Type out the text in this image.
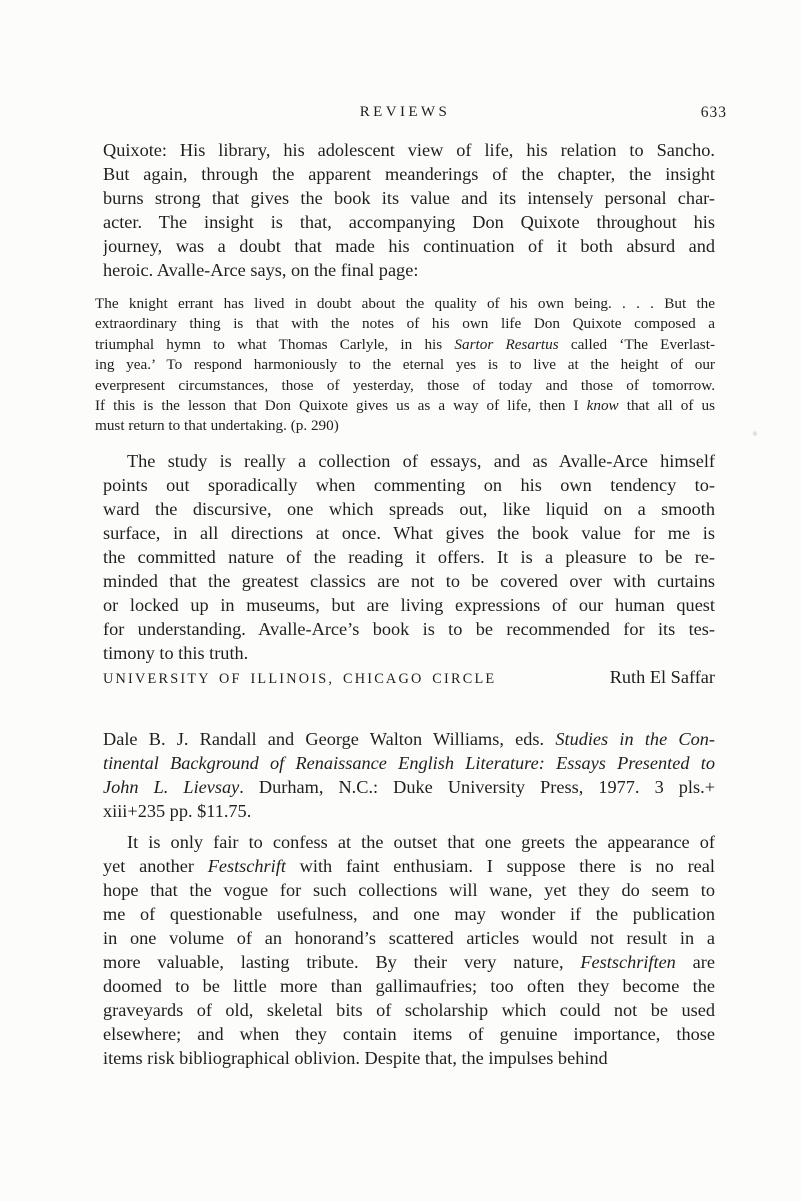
REVIEWS	633
Quixote: His library, his adolescent view of life, his relation to Sancho.
But again, through the apparent meanderings of the chapter, the insight
burns strong that gives the book its value and its intensely personal char-
acter. The insight is that, accompanying Don Quixote throughout his
journey, was a doubt that made his continuation of it both absurd and
heroic. Avalle-Arce says, on the final page:
The knight errant has lived in doubt about the quality of his own being. . . . But the
extraordinary thing is that with the notes of his own life Don Quixote composed a
triumphal hymn to what Thomas Carlyle, in his Sartor Resartus called ‘The Everlast-
ing yea.’ To respond harmoniously to the eternal yes is to live at the height of our
everpresent circumstances, those of yesterday, those of today and those of tomorrow.
If this is the lesson that Don Quixote gives us as a way of life, then I know that all of us
must return to that undertaking. (p. 290)
The study is really a collection of essays, and as Avalle-Arce himself
points out sporadically when commenting on his own tendency to-
ward the discursive, one which spreads out, like liquid on a smooth
surface, in all directions at once. What gives the book value for me is
the committed nature of the reading it offers. It is a pleasure to be re-
minded that the greatest classics are not to be covered over with curtains
or locked up in museums, but are living expressions of our human quest
for understanding. Avalle-Arce’s book is to be recommended for its tes-
timony to this truth.
UNIVERSITY OF ILLINOIS, CHICAGO CIRCLE	Ruth El Saffar
Dale B. J. Randall and George Walton Williams, eds. Studies in the Con-
tinental Background of Renaissance English Literature: Essays Presented to
John L. Lievsay. Durham, N.C.: Duke University Press, 1977. 3 pls.+
xiii+235 pp. $11.75.
It is only fair to confess at the outset that one greets the appearance of
yet another Festschrift with faint enthusiam. I suppose there is no real
hope that the vogue for such collections will wane, yet they do seem to
me of questionable usefulness, and one may wonder if the publication
in one volume of an honorand’s scattered articles would not result in a
more valuable, lasting tribute. By their very nature, Festschriften are
doomed to be little more than gallimaufries; too often they become the
graveyards of old, skeletal bits of scholarship which could not be used
elsewhere; and when they contain items of genuine importance, those
items risk bibliographical oblivion. Despite that, the impulses behind
